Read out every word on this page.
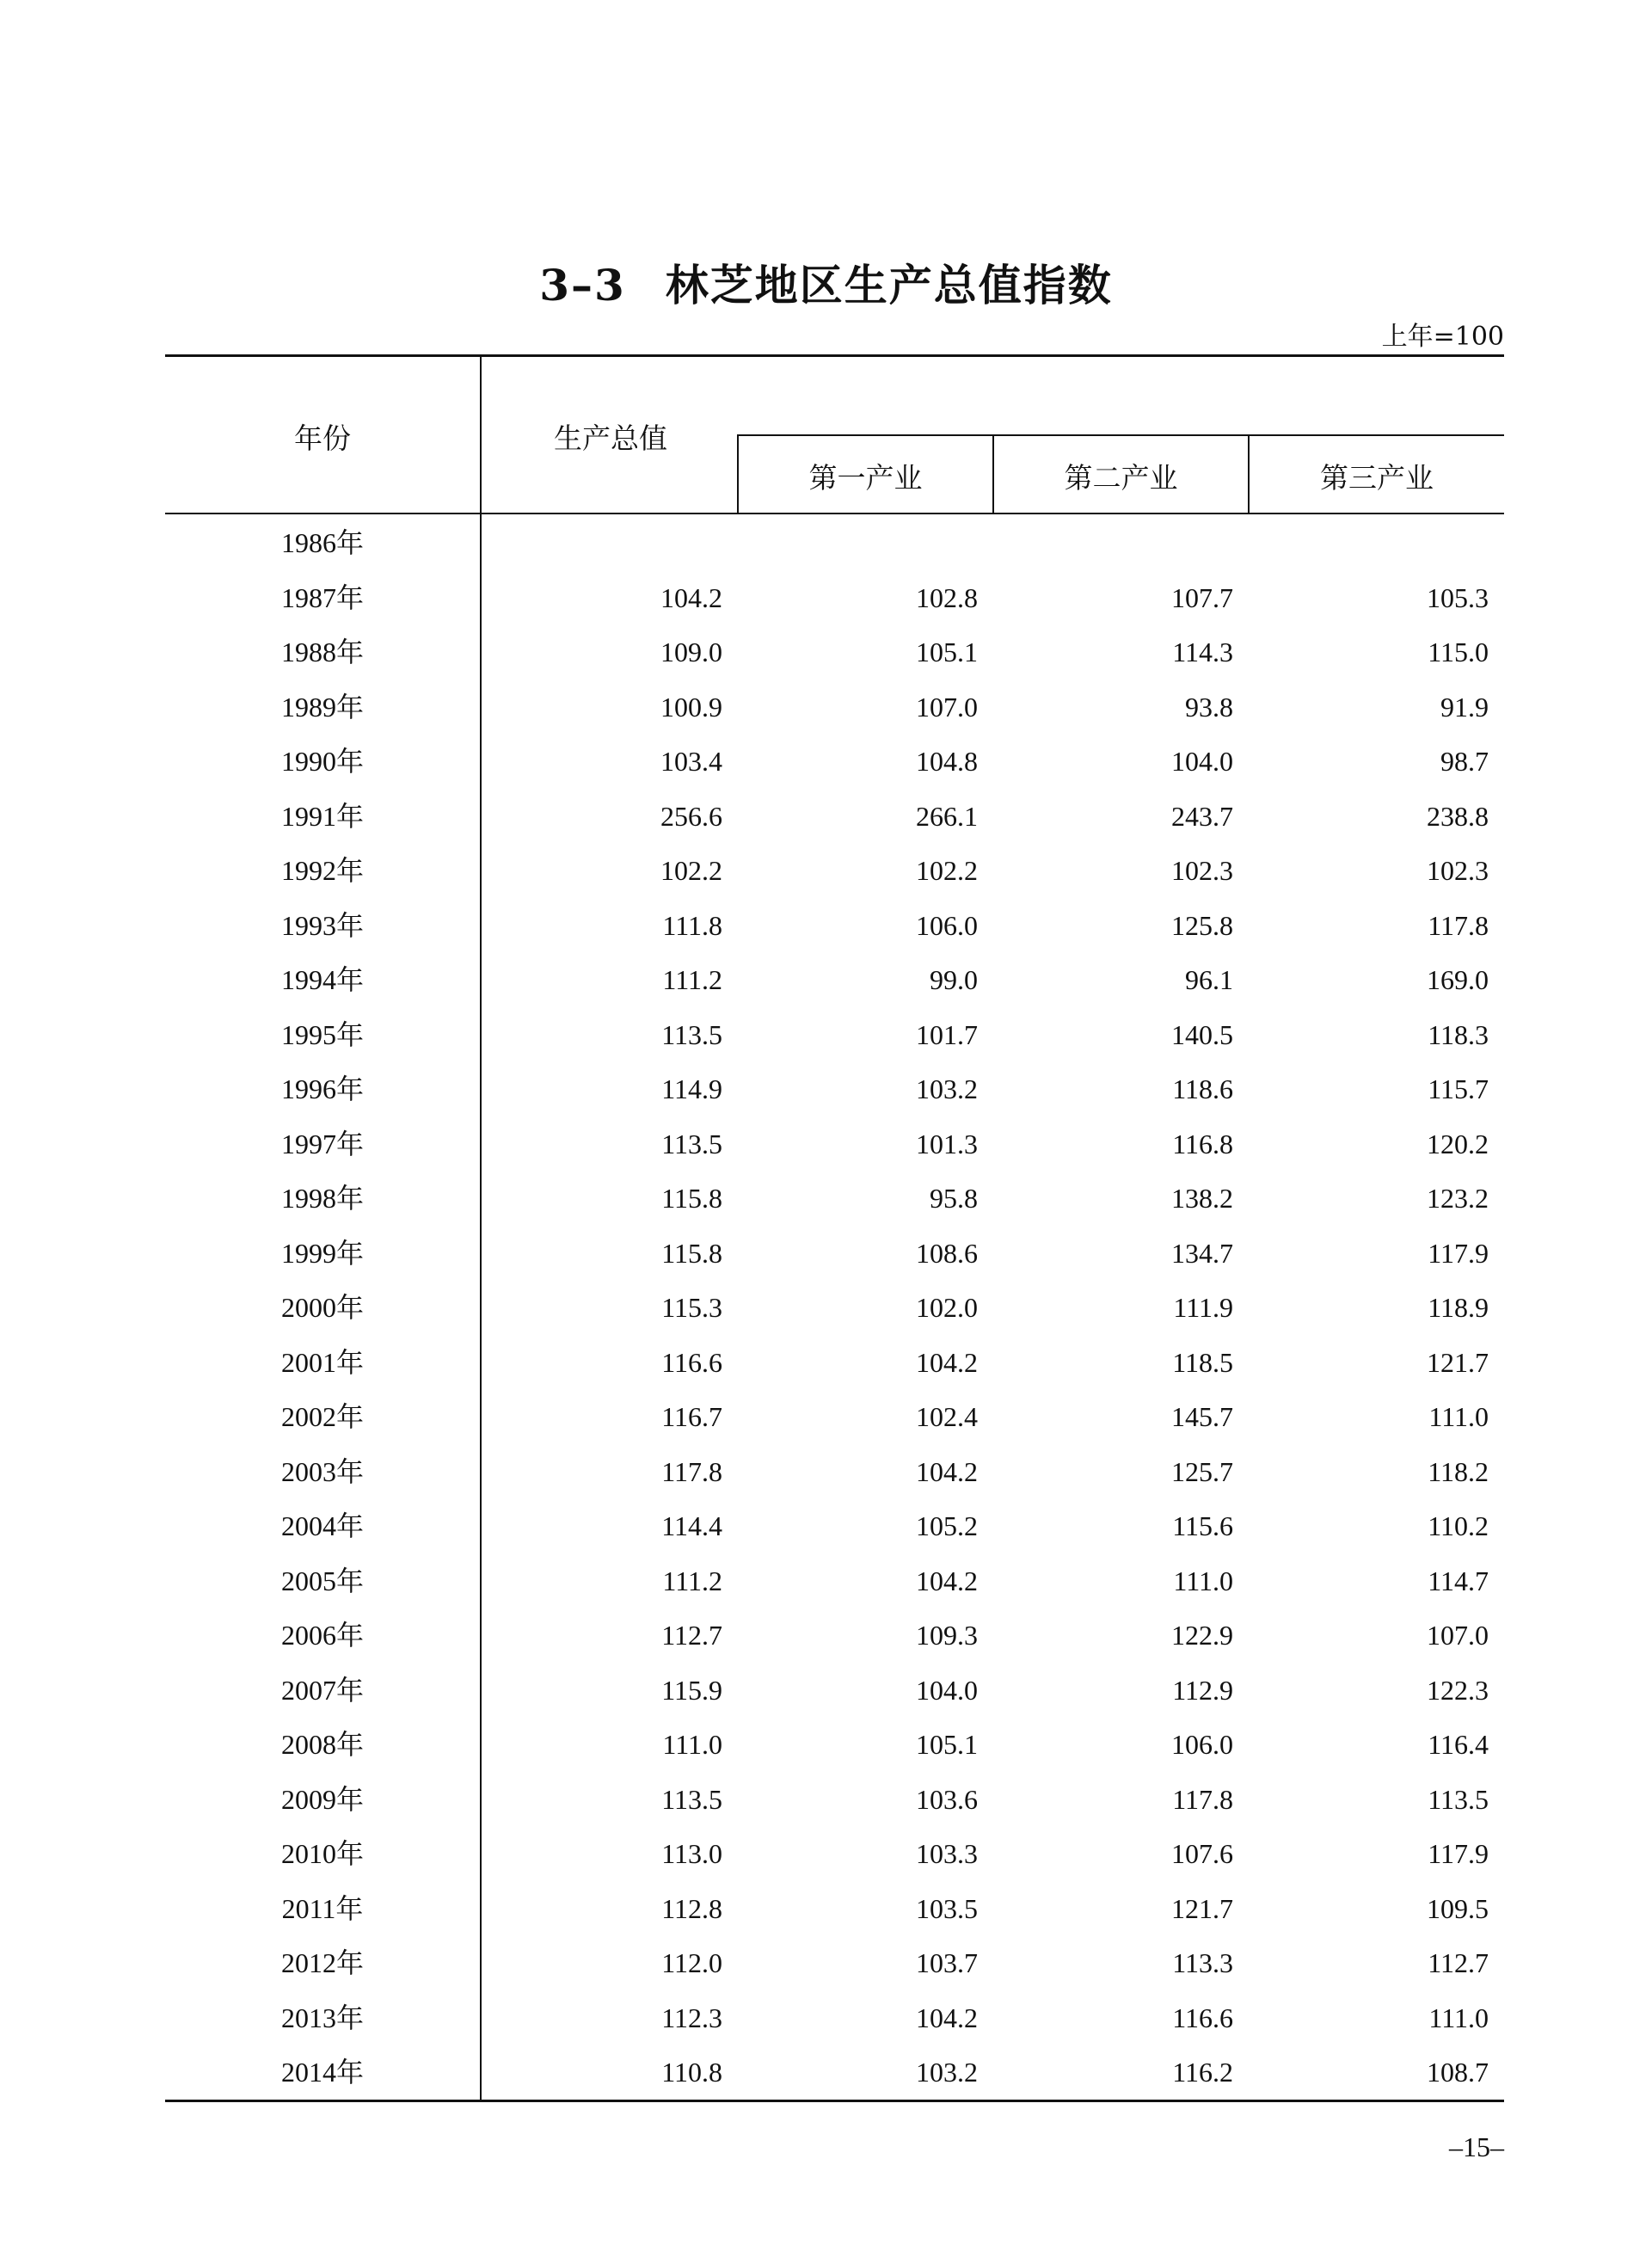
3–3 林芝地区生产总值指数
上年=100
年份	生产总值
第一产业	第二产业	第三产业
1986年
1987年	104.2	102.8	107.7	105.3
1988年	109.0	105.1	114.3	115.0
1989年	100.9	107.0	93.8	91.9
1990年	103.4	104.8	104.0	98.7
1991年	256.6	266.1	243.7	238.8
1992年	102.2	102.2	102.3	102.3
1993年	111.8	106.0	125.8	117.8
1994年	111.2	99.0	96.1	169.0
1995年	113.5	101.7	140.5	118.3
1996年	114.9	103.2	118.6	115.7
1997年	113.5	101.3	116.8	120.2
1998年	115.8	95.8	138.2	123.2
1999年	115.8	108.6	134.7	117.9
2000年	115.3	102.0	111.9	118.9
2001年	116.6	104.2	118.5	121.7
2002年	116.7	102.4	145.7	111.0
2003年	117.8	104.2	125.7	118.2
2004年	114.4	105.2	115.6	110.2
2005年	111.2	104.2	111.0	114.7
2006年	112.7	109.3	122.9	107.0
2007年	115.9	104.0	112.9	122.3
2008年	111.0	105.1	106.0	116.4
2009年	113.5	103.6	117.8	113.5
2010年	113.0	103.3	107.6	117.9
2011年	112.8	103.5	121.7	109.5
2012年	112.0	103.7	113.3	112.7
2013年	112.3	104.2	116.6	111.0
2014年	110.8	103.2	116.2	108.7
–15–
